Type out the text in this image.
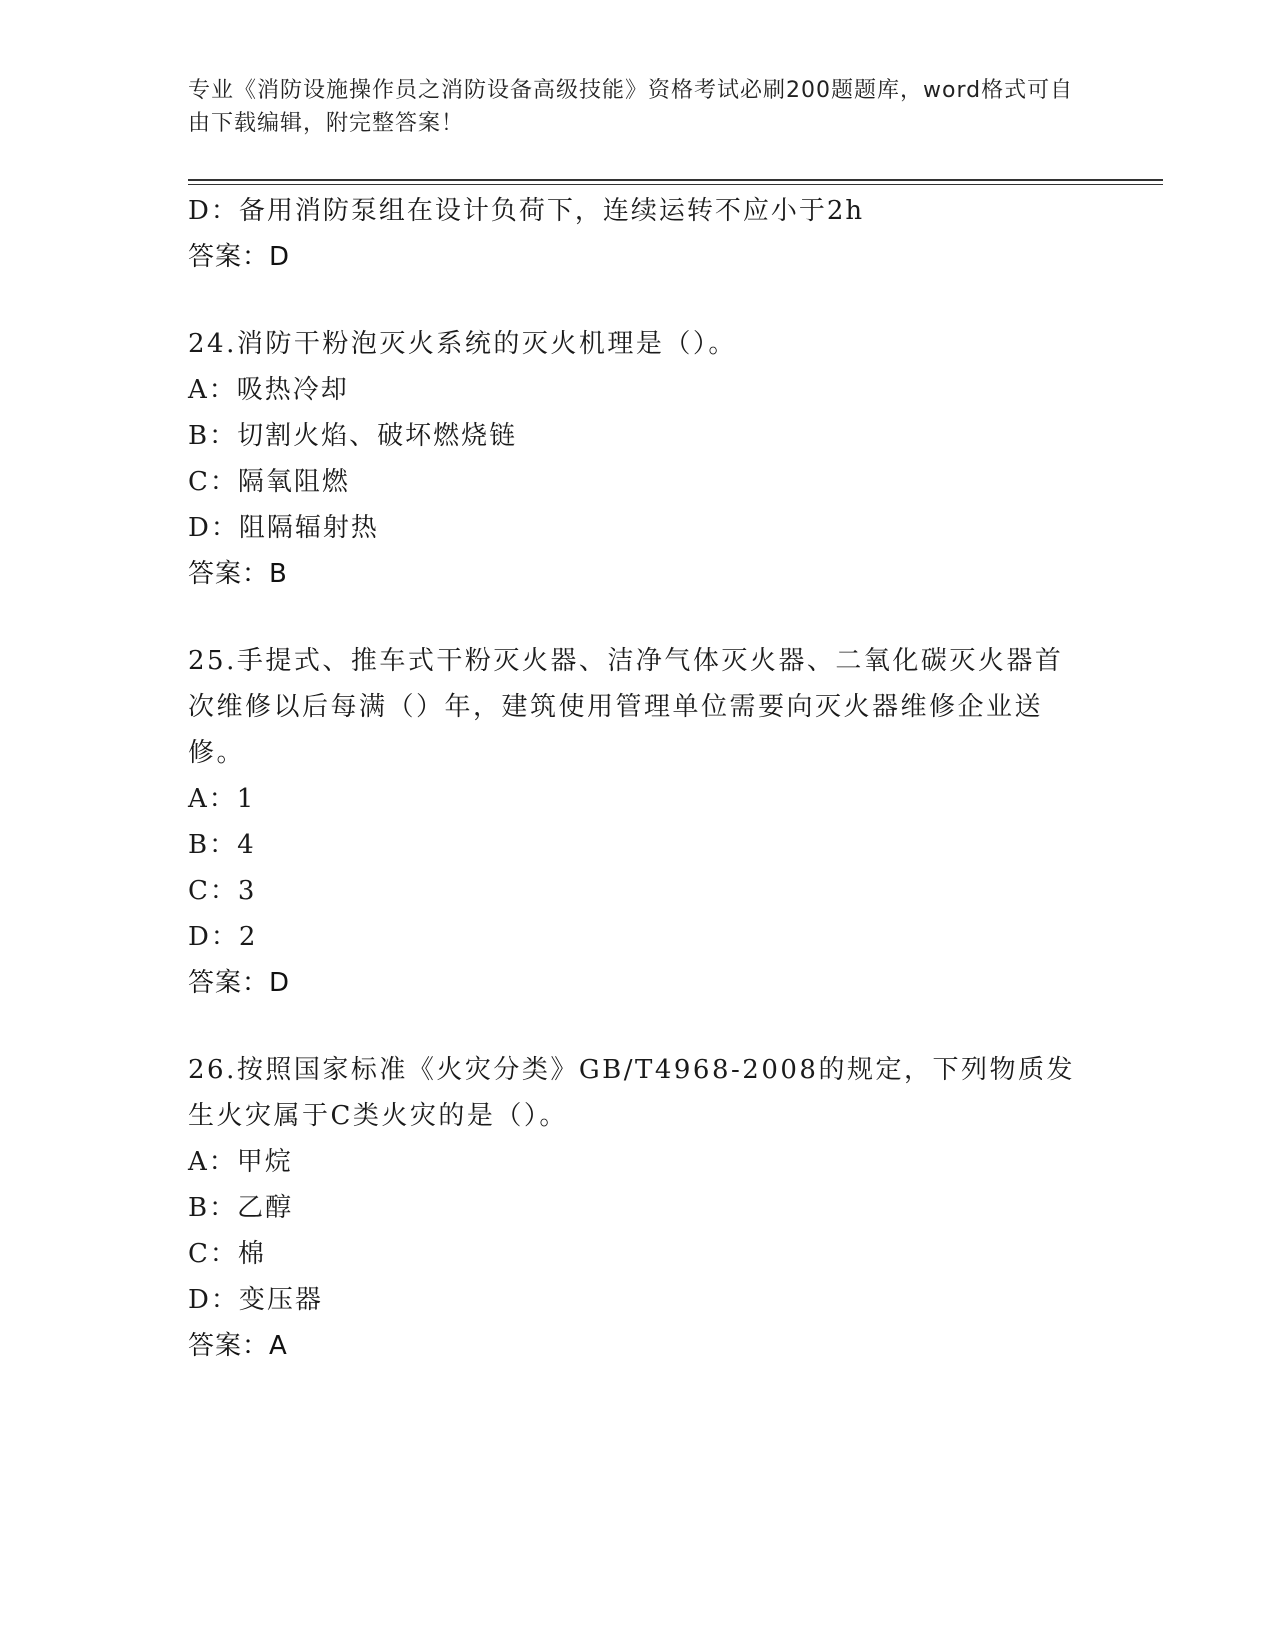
专业《消防设施操作员之消防设备高级技能》资格考试必刷200题题库，word格式可自由下载编辑，附完整答案！
D：备用消防泵组在设计负荷下，连续运转不应小于2h
答案：D
24.消防干粉泡灭火系统的灭火机理是（）。
A：吸热冷却
B：切割火焰、破坏燃烧链
C：隔氧阻燃
D：阻隔辐射热
答案：B
25.手提式、推车式干粉灭火器、洁净气体灭火器、二氧化碳灭火器首次维修以后每满（）年，建筑使用管理单位需要向灭火器维修企业送修。
A：1
B：4
C：3
D：2
答案：D
26.按照国家标准《火灾分类》GB/T4968-2008的规定，下列物质发生火灾属于C类火灾的是（）。
A：甲烷
B：乙醇
C：棉
D：变压器
答案：A
